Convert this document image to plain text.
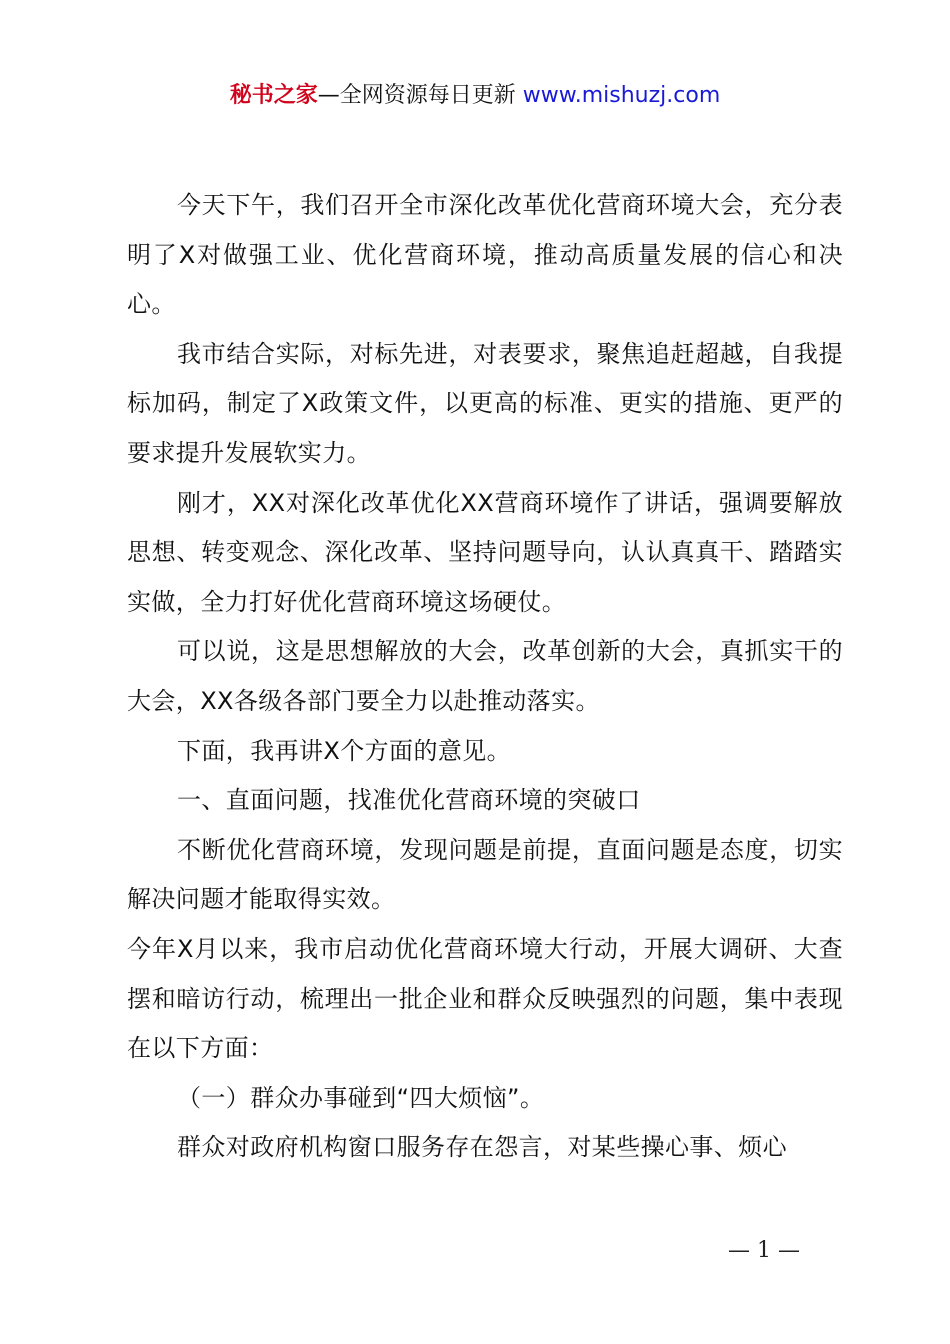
秘书之家—全网资源每日更新 www.mishuzj.com

今天下午，我们召开全市深化改革优化营商环境大会，充分表明了X对做强工业、优化营商环境，推动高质量发展的信心和决心。

我市结合实际，对标先进，对表要求，聚焦追赶超越，自我提标加码，制定了X政策文件，以更高的标准、更实的措施、更严的要求提升发展软实力。

刚才，XX对深化改革优化XX营商环境作了讲话，强调要解放思想、转变观念、深化改革、坚持问题导向，认认真真干、踏踏实实做，全力打好优化营商环境这场硬仗。

可以说，这是思想解放的大会，改革创新的大会，真抓实干的大会，XX各级各部门要全力以赴推动落实。

下面，我再讲X个方面的意见。

一、直面问题，找准优化营商环境的突破口

不断优化营商环境，发现问题是前提，直面问题是态度，切实解决问题才能取得实效。

今年X月以来，我市启动优化营商环境大行动，开展大调研、大查摆和暗访行动，梳理出一批企业和群众反映强烈的问题，集中表现在以下方面：

（一）群众办事碰到“四大烦恼”。

群众对政府机构窗口服务存在怨言，对某些操心事、烦心

— 1 —
